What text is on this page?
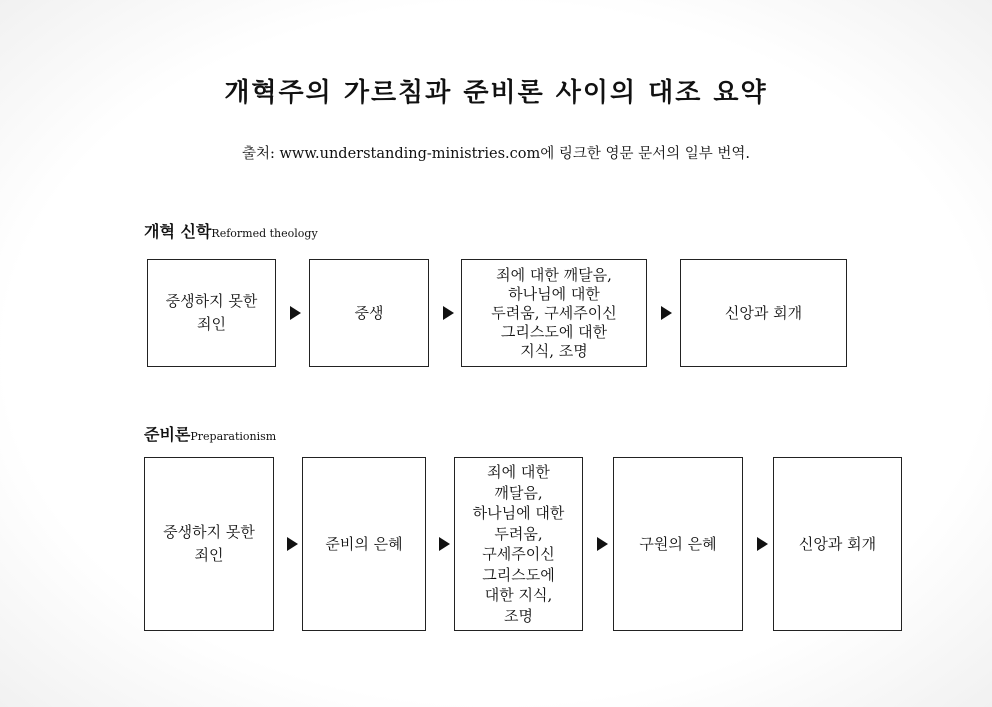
개혁주의 가르침과 준비론 사이의 대조 요약
출처: www.understanding-ministries.com에 링크한 영문 문서의 일부 번역.
개혁 신학Reformed theology
중생하지 못한
죄인
중생
죄에 대한 깨달음,
하나님에 대한
두려움, 구세주이신
그리스도에 대한
지식, 조명
신앙과 회개
준비론Preparationism
중생하지 못한
죄인
준비의 은혜
죄에 대한
깨달음,
하나님에 대한
두려움,
구세주이신
그리스도에
대한 지식,
조명
구원의 은혜	신앙과 회개
